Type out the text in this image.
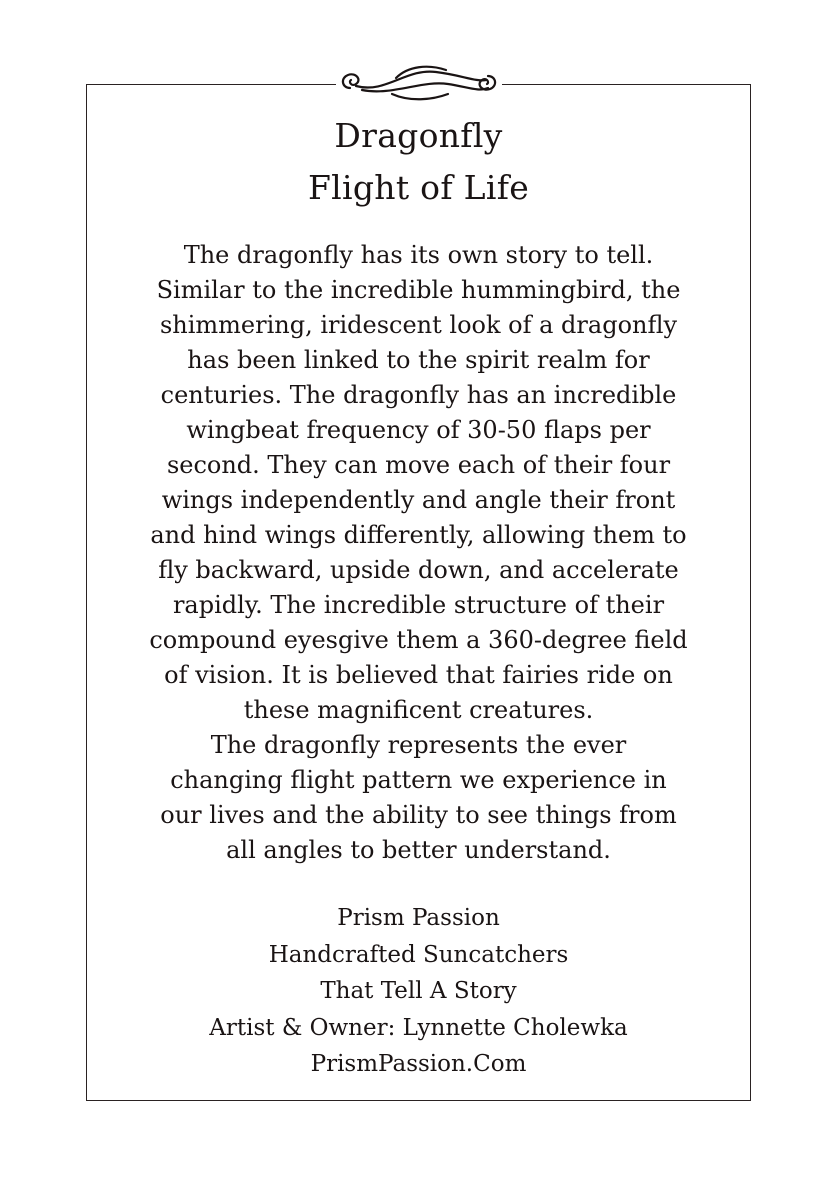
Dragonfly
Flight of Life
The dragonfly has its own story to tell.
Similar to the incredible hummingbird, the
shimmering, iridescent look of a dragonfly
has been linked to the spirit realm for
centuries. The dragonfly has an incredible
wingbeat frequency of 30-50 flaps per
second. They can move each of their four
wings independently and angle their front
and hind wings differently, allowing them to
fly backward, upside down, and accelerate
rapidly. The incredible structure of their
compound eyesgive them a 360-degree field
of vision. It is believed that fairies ride on
these magnificent creatures.
The dragonfly represents the ever
changing flight pattern we experience in
our lives and the ability to see things from
all angles to better understand.
Prism Passion
Handcrafted Suncatchers
That Tell A Story
Artist & Owner: Lynnette Cholewka
PrismPassion.Com
